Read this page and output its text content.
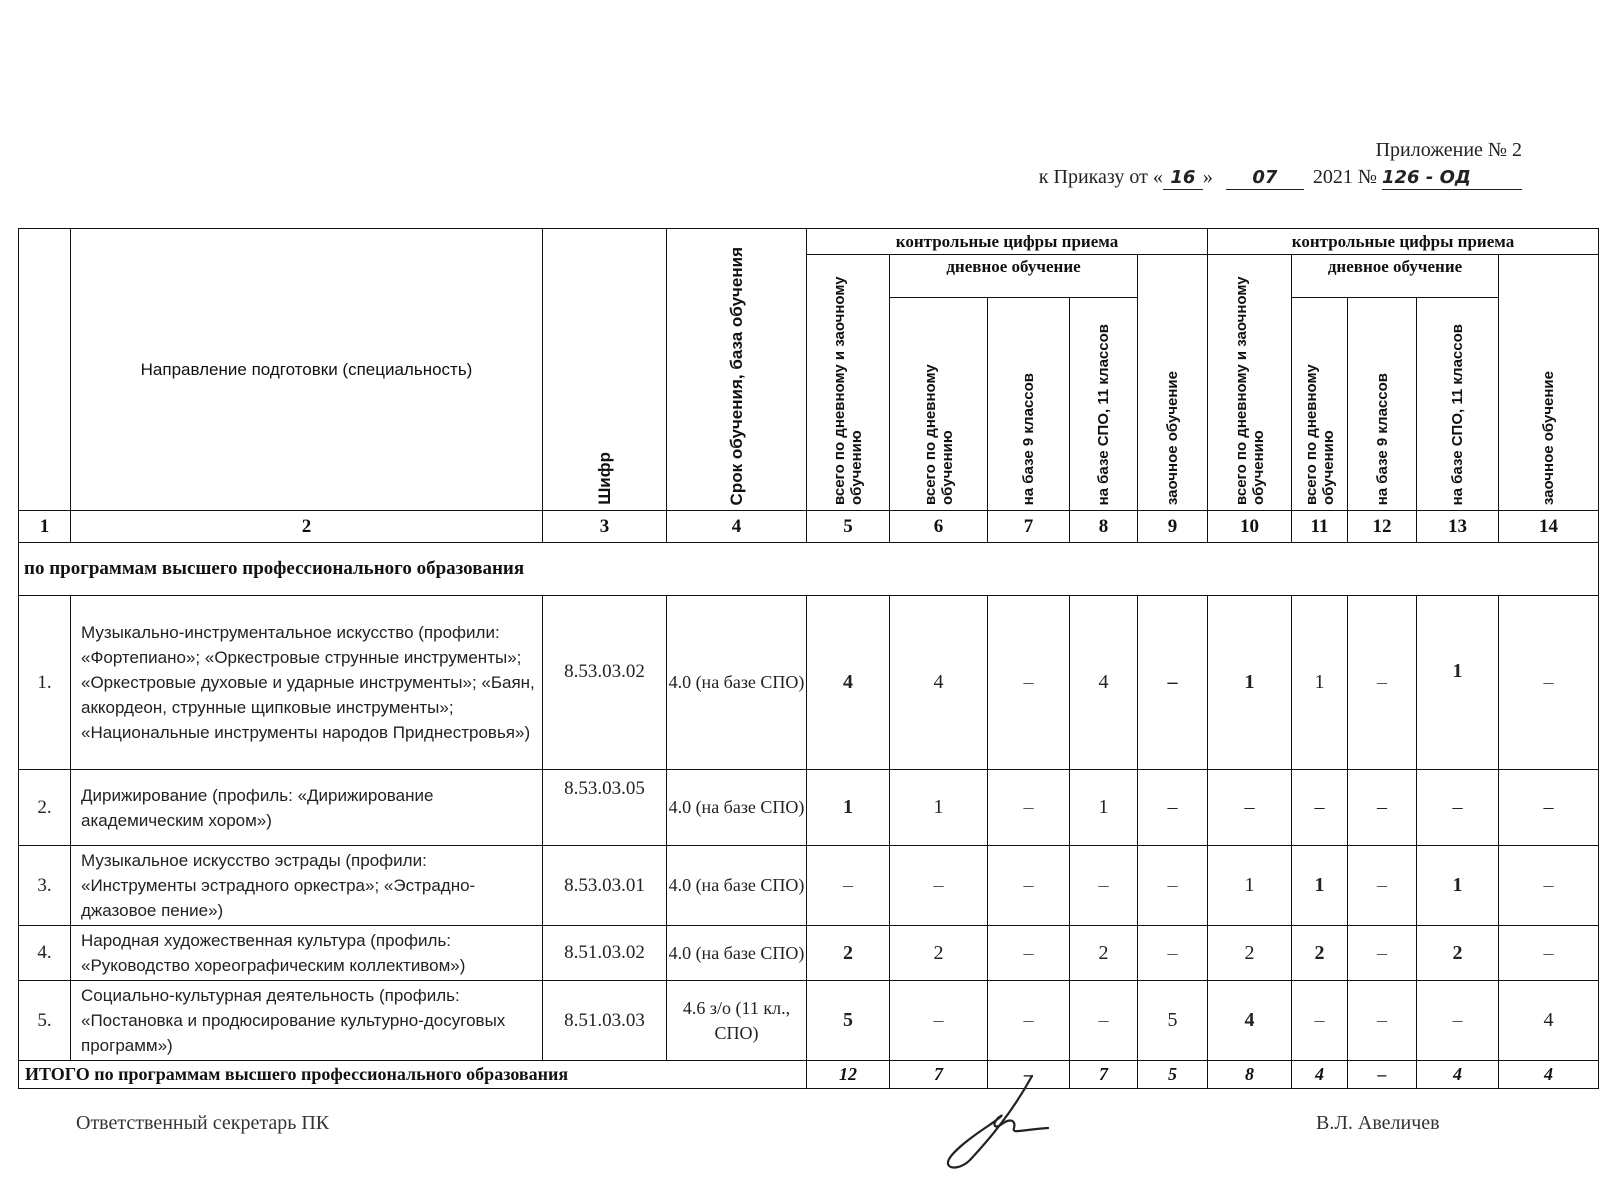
Приложение № 2
к Приказу от « 16 » 07 2021 № 126 - ОД
	Направление подготовки (специальность)	Шифр	Срок обучения, база обучения	контрольные цифры приема					контрольные цифры приема				
				всего по дневному и заочному обучению	дневное обучение			заочное обучение	всего по дневному и заочному обучению	дневное обучение			заочное обучение
					всего по дневному обучению	на базе 9 классов	на базе СПО, 11 классов			всего по дневному обучению	на базе 9 классов	на базе СПО, 11 классов	
1	2	3	4	5	6	7	8	9	10	11	12	13	14
по программам высшего профессионального образования													
1.	Музыкально-инструментальное искусство (профили: «Фортепиано»; «Оркестровые струнные инструменты»; «Оркестровые духовые и ударные инструменты»; «Баян, аккордеон, струнные щипковые инструменты»; «Национальные инструменты народов Приднестровья»)	8.53.03.02	4.0 (на базе СПО)	4	4	–	4	–	1	1	–	1	–
2.	Дирижирование (профиль: «Дирижирование академическим хором»)	8.53.03.05	4.0 (на базе СПО)	1	1	–	1	–	–	–	–	–	–
3.	Музыкальное искусство эстрады (профили: «Инструменты эстрадного оркестра»; «Эстрадно-джазовое пение»)	8.53.03.01	4.0 (на базе СПО)	–	–	–	–	–	1	1	–	1	–
4.	Народная художественная культура (профиль: «Руководство хореографическим коллективом»)	8.51.03.02	4.0 (на базе СПО)	2	2	–	2	–	2	2	–	2	–
5.	Социально-культурная деятельность (профиль: «Постановка и продюсирование культурно-досуговых программ»)	8.51.03.03	4.6 з/о (11 кл., СПО)	5	–	–	–	5	4	–	–	–	4
ИТОГО по программам высшего профессионального образования				12	7	–	7	5	8	4	–	4	4
Ответственный секретарь ПК	В.Л. Авеличев
